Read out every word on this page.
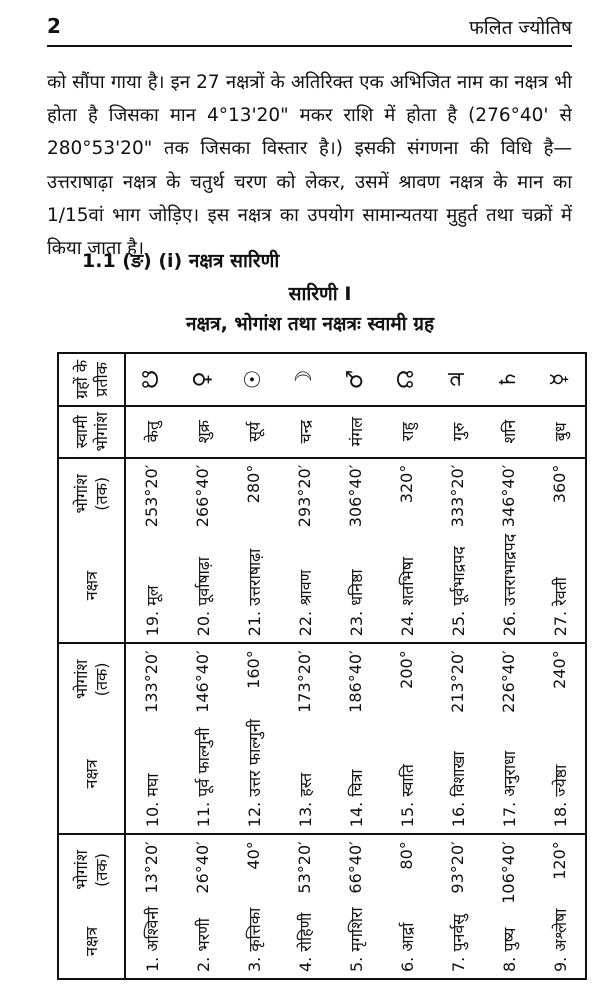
2	फलित ज्योतिष
को सौंपा गाया है। इन 27 नक्षत्रों के अतिरिक्त एक अभिजित नाम का नक्षत्र भी होता है जिसका मान 4°13'20" मकर राशि में होता है (276°40' से 280°53'20" तक जिसका विस्तार है।) इसकी संगणना की विधि है—उत्तराषाढ़ा नक्षत्र के चतुर्थ चरण को लेकर, उसमें श्रावण नक्षत्र के मान का 1/15वां भाग जोड़िए। इस नक्षत्र का उपयोग सामान्यतया मुहुर्त तथा चक्रों में किया जाता है।
1.1 (ङ) (i) नक्षत्र सारिणी
सारिणी I
नक्षत्र, भोगांश तथा नक्षत्रः स्वामी ग्रह
नक्षत्र	भोगांश (तक)	नक्षत्र	भोगांश (तक)	नक्षत्र	भोगांश (तक)	स्वामी भोगांश	ग्रहों के प्रतीक
1. अश्विनी	13°20′	10. मघा	133°20′	19. मूल	253°20′	केतु	☋
2. भरणी	26°40′	11. पूर्व फाल्गुनी	146°40′	20. पूर्वाषाढ़ा	266°40′	शुक्र	♀
3. कृत्तिका	40°	12. उत्तर फाल्गुनी	160°	21. उत्तराषाढ़ा	280°	सूर्य	☉
4. रोहिणी	53°20′	13. हस्त	173°20′	22. श्रावण	293°20′	चन्द्र	☽
5. मृगशिरा	66°40′	14. चित्रा	186°40′	23. धनिष्ठा	306°40′	मंगल	♂
6. आर्द्रा	80°	15. स्वाति	200°	24. शतभिषा	320°	राहु	☊
7. पुनर्वसु	93°20′	16. विशाखा	213°20′	25. पूर्वभाद्रपद	333°20′	गुरु	♃
8. पुष्य	106°40′	17. अनुराधा	226°40′	26. उत्तराभाद्रपद	346°40′	शनि	♄
9. अश्लेषा	120°	18. ज्येष्ठा	240°	27. रेवती	360°	बुध	☿
